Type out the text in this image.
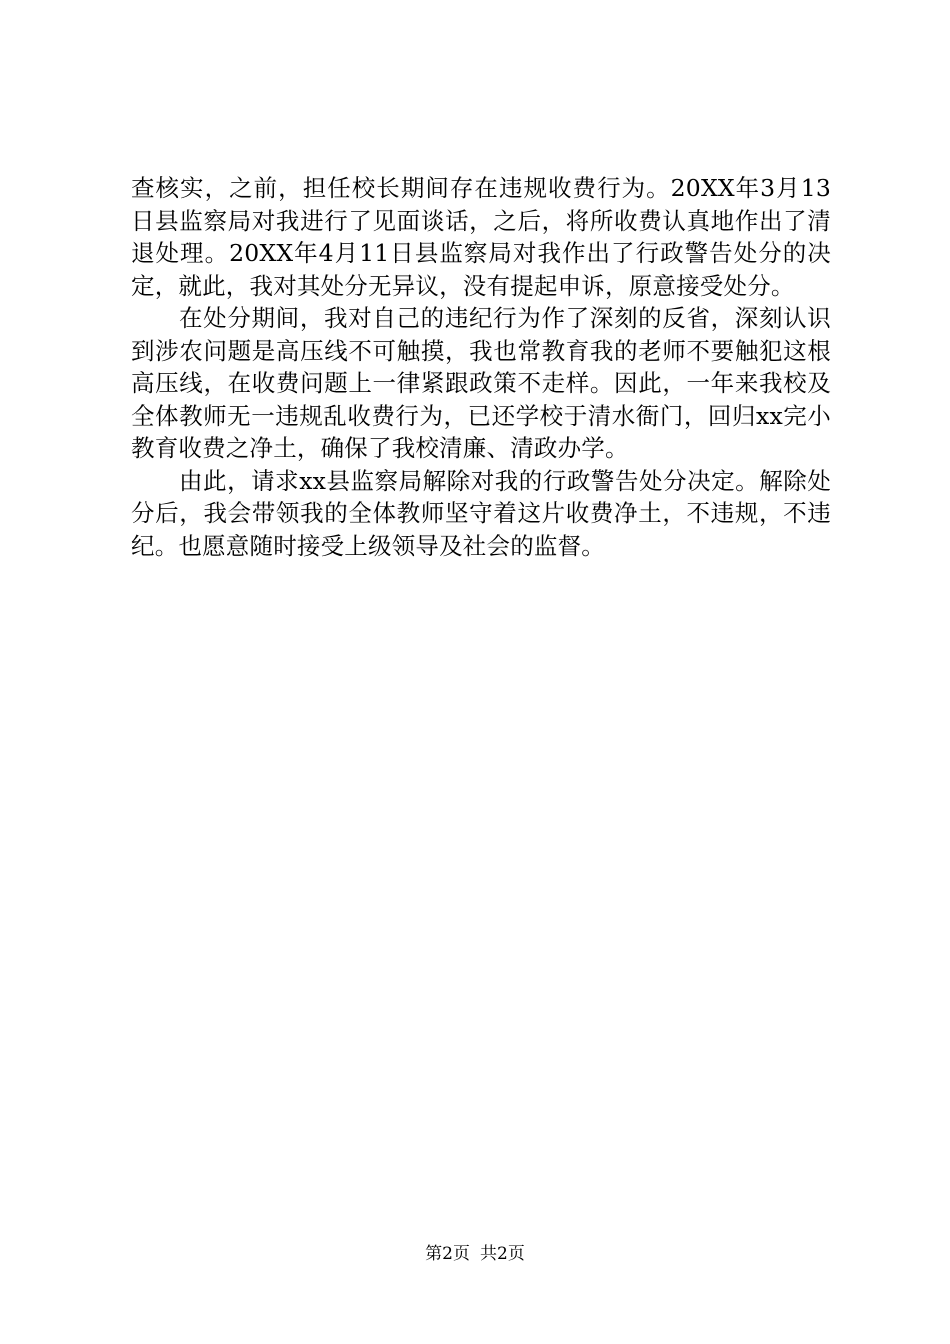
查核实，之前，担任校长期间存在违规收费行为。20XX年3月13日县监察局对我进行了见面谈话，之后，将所收费认真地作出了清退处理。20XX年4月11日县监察局对我作出了行政警告处分的决定，就此，我对其处分无异议，没有提起申诉，原意接受处分。

在处分期间，我对自己的违纪行为作了深刻的反省，深刻认识到涉农问题是高压线不可触摸，我也常教育我的老师不要触犯这根高压线，在收费问题上一律紧跟政策不走样。因此，一年来我校及全体教师无一违规乱收费行为，已还学校于清水衙门，回归xx完小教育收费之净土，确保了我校清廉、清政办学。

由此，请求xx县监察局解除对我的行政警告处分决定。解除处分后，我会带领我的全体教师坚守着这片收费净土，不违规，不违纪。也愿意随时接受上级领导及社会的监督。

第2页 共2页
